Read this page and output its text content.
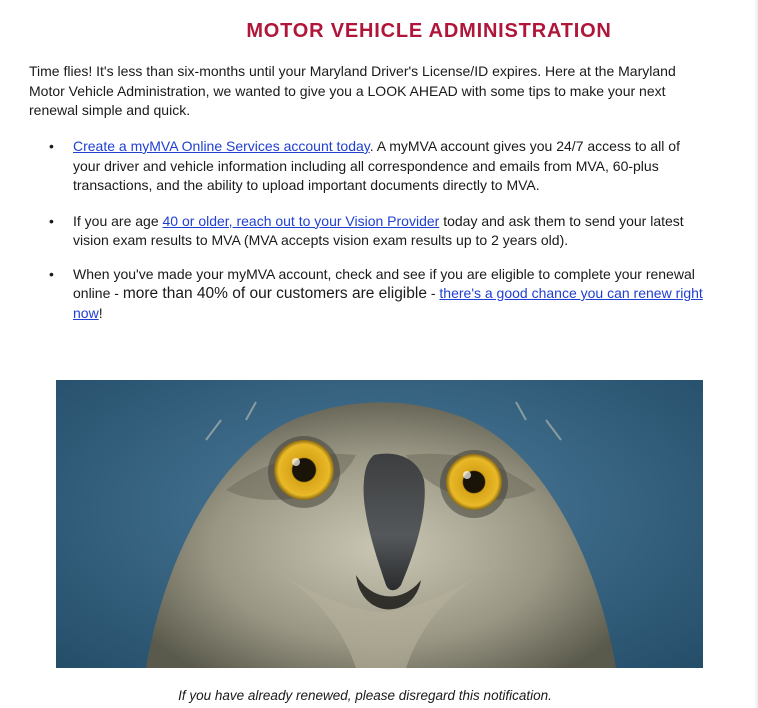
MOTOR VEHICLE ADMINISTRATION

Time flies! It's less than six-months until your Maryland Driver's License/ID expires. Here at the Maryland Motor Vehicle Administration, we wanted to give you a LOOK AHEAD with some tips to make your next renewal simple and quick.

• Create a myMVA Online Services account today. A myMVA account gives you 24/7 access to all of your driver and vehicle information including all correspondence and emails from MVA, 60-plus transactions, and the ability to upload important documents directly to MVA.
• If you are age 40 or older, reach out to your Vision Provider today and ask them to send your latest vision exam results to MVA (MVA accepts vision exam results up to 2 years old).
• When you've made your myMVA account, check and see if you are eligible to complete your renewal online - more than 40% of our customers are eligible - there's a good chance you can renew right now!

If you have already renewed, please disregard this notification.
